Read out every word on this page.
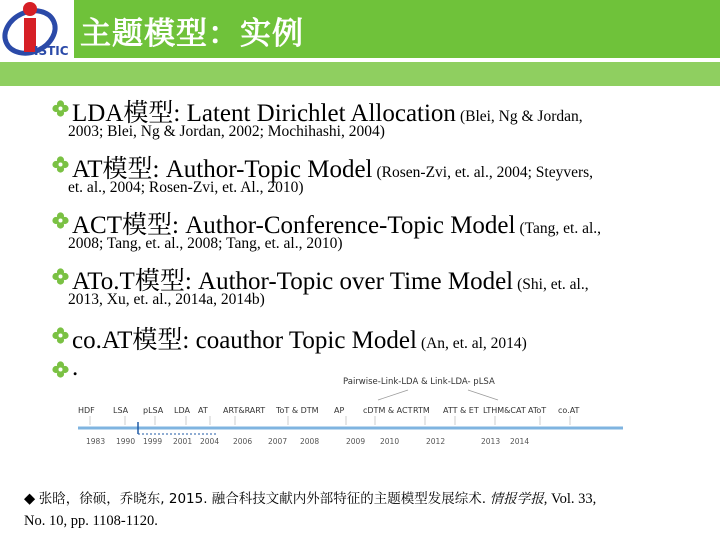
ISTIC 主题模型：实例
LDA模型: Latent Dirichlet Allocation (Blei, Ng & Jordan,
2003; Blei, Ng & Jordan, 2002; Mochihashi, 2004)
AT模型: Author-Topic Model (Rosen-Zvi, et. al., 2004; Steyvers,
et. al., 2004; Rosen-Zvi, et. Al., 2010)
ACT模型: Author-Conference-Topic Model (Tang, et. al.,
2008; Tang, et. al., 2008; Tang, et. al., 2010)
ATo.T模型: Author-Topic over Time Model (Shi, et. al.,
2013, Xu, et. al., 2014a, 2014b)
co.AT模型: coauthor Topic Model (An, et. al, 2014)
.
Pairwise-Link-LDA & Link-LDA- pLSA
HDF LSA pLSA LDA AT ART&RART ToT & DTM AP cDTM & ACT RTM ATT & ET LTHM&CAT AToT co.AT
1983 1990 1999 2001 2004 2006 2007 2008	2009 2010	2012	2013 2014
◆ 张晗，徐硕，乔晓东, 2015. 融合科技文献内外部特征的主题模型发展综术. 情报学报, Vol. 33,
No. 10, pp. 1108-1120.
